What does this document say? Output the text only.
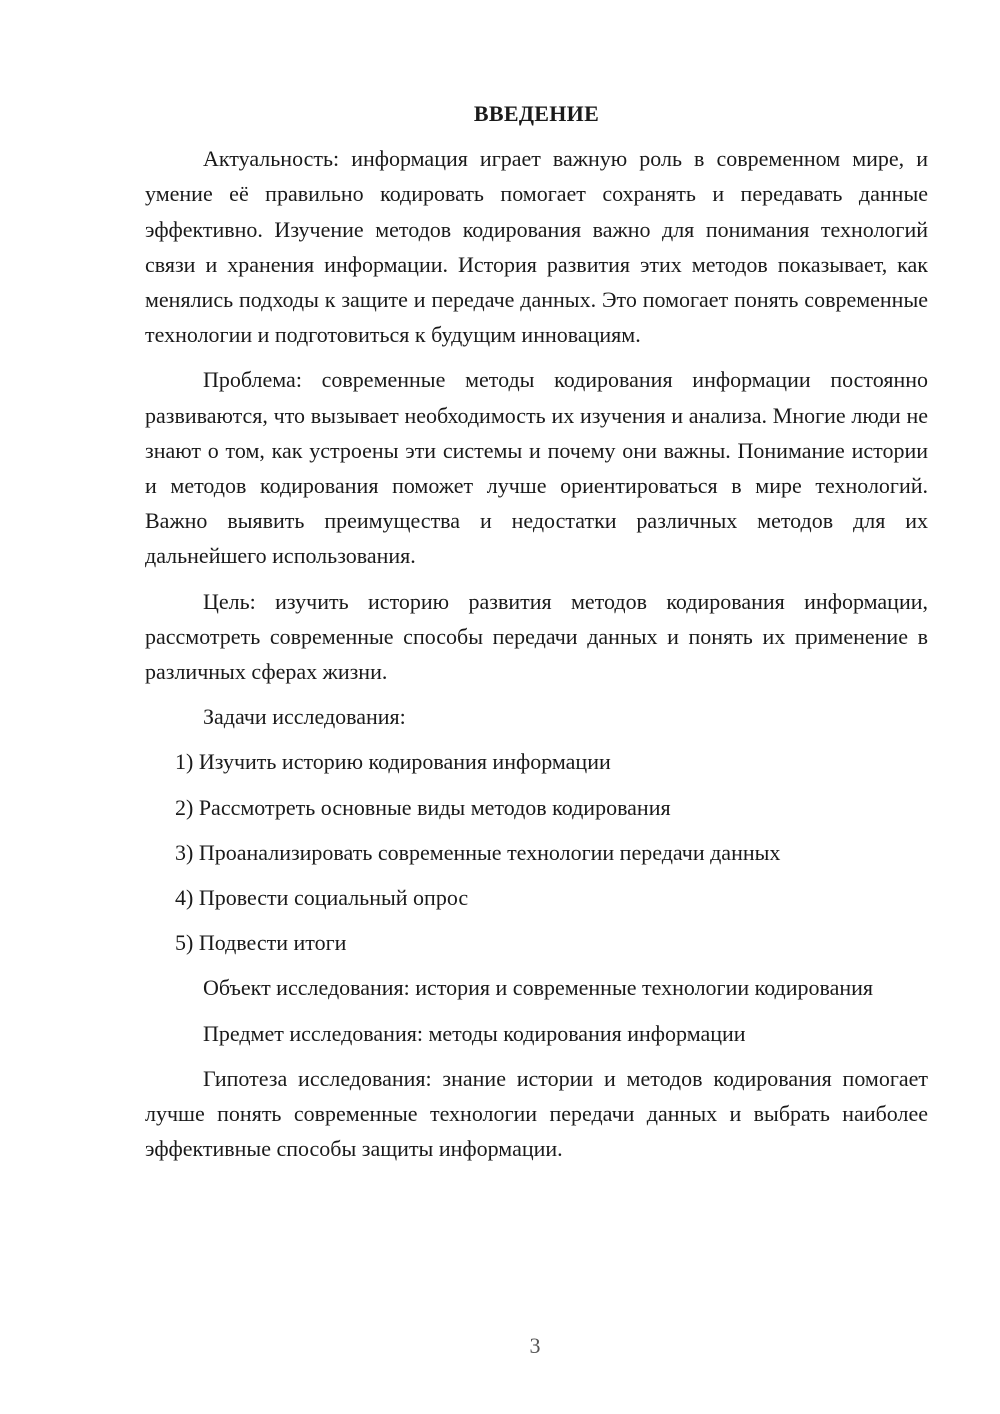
ВВЕДЕНИЕ

Актуальность: информация играет важную роль в современном мире, и умение её правильно кодировать помогает сохранять и передавать данные эффективно. Изучение методов кодирования важно для понимания технологий связи и хранения информации. История развития этих методов показывает, как менялись подходы к защите и передаче данных. Это помогает понять современные технологии и подготовиться к будущим инновациям.

Проблема: современные методы кодирования информации постоянно развиваются, что вызывает необходимость их изучения и анализа. Многие люди не знают о том, как устроены эти системы и почему они важны. Понимание истории и методов кодирования поможет лучше ориентироваться в мире технологий. Важно выявить преимущества и недостатки различных методов для их дальнейшего использования.

Цель: изучить историю развития методов кодирования информации, рассмотреть современные способы передачи данных и понять их применение в различных сферах жизни.

Задачи исследования:

1) Изучить историю кодирования информации

2) Рассмотреть основные виды методов кодирования

3) Проанализировать современные технологии передачи данных

4) Провести социальный опрос

5) Подвести итоги

Объект исследования: история и современные технологии кодирования

Предмет исследования: методы кодирования информации

Гипотеза исследования: знание истории и методов кодирования помогает лучше понять современные технологии передачи данных и выбрать наиболее эффективные способы защиты информации.

3
